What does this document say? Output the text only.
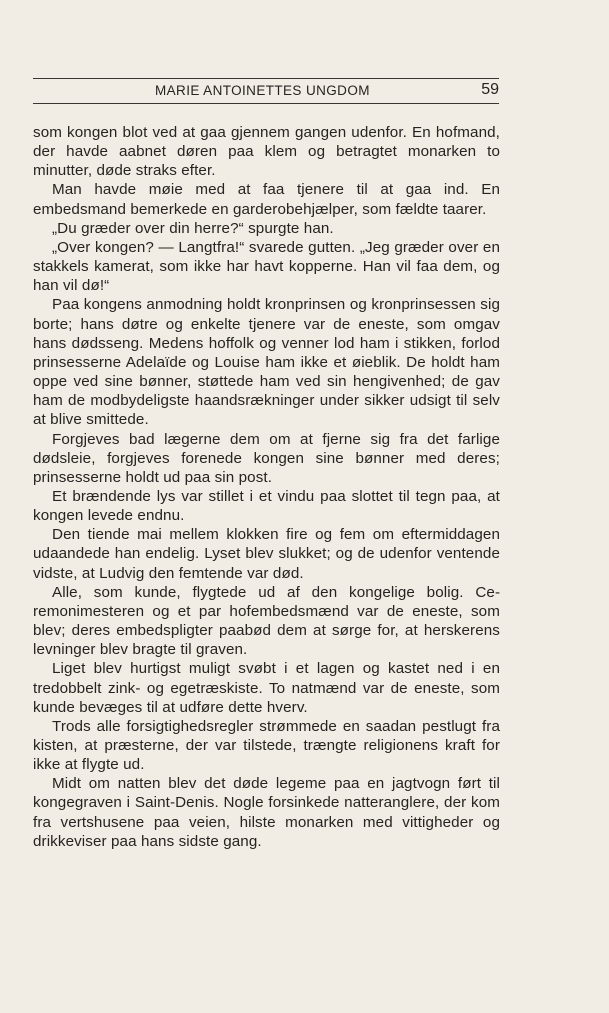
MARIE ANTOINETTES UNGDOM	59

som kongen blot ved at gaa gjennem gangen udenfor. En hofmand, der havde aabnet døren paa klem og betragtet monarken to minutter, døde straks efter.

Man havde møie med at faa tjenere til at gaa ind. En embedsmand bemerkede en garderobehjælper, som fældte taarer.

„Du græder over din herre?“ spurgte han.

„Over kongen? — Langtfra!“ svarede gutten. „Jeg græder over en stakkels kamerat, som ikke har havt kopperne. Han vil faa dem, og han vil dø!“

Paa kongens anmodning holdt kronprinsen og kronprinsessen sig borte; hans døtre og enkelte tjenere var de eneste, som omgav hans dødsseng. Medens hoffolk og venner lod ham i stikken, forlod prinsesserne Adelaïde og Louise ham ikke et øieblik. De holdt ham oppe ved sine bønner, støttede ham ved sin hengivenhed; de gav ham de modbydeligste haandsrækninger under sikker udsigt til selv at blive smittede.

Forgjeves bad lægerne dem om at fjerne sig fra det farlige dødsleie, forgjeves forenede kongen sine bønner med deres; prinsesserne holdt ud paa sin post.

Et brændende lys var stillet i et vindu paa slottet til tegn paa, at kongen levede endnu.

Den tiende mai mellem klokken fire og fem om eftermiddagen udaandede han endelig. Lyset blev slukket; og de udenfor ventende vidste, at Ludvig den femtende var død.

Alle, som kunde, flygtede ud af den kongelige bolig. Ceremonimesteren og et par hofembedsmænd var de eneste, som blev; deres embedspligter paabød dem at sørge for, at herskerens levninger blev bragte til graven.

Liget blev hurtigst muligt svøbt i et lagen og kastet ned i en tredobbelt zink- og egetræskiste. To natmænd var de eneste, som kunde bevæges til at udføre dette hverv.

Trods alle forsigtighedsregler strømmede en saadan pestlugt fra kisten, at præsterne, der var tilstede, trængte religionens kraft for ikke at flygte ud.

Midt om natten blev det døde legeme paa en jagtvogn ført til kongegraven i Saint-Denis. Nogle forsinkede natteranglere, der kom fra vertshusene paa veien, hilste monarken med vittigheder og drikkeviser paa hans sidste gang.
